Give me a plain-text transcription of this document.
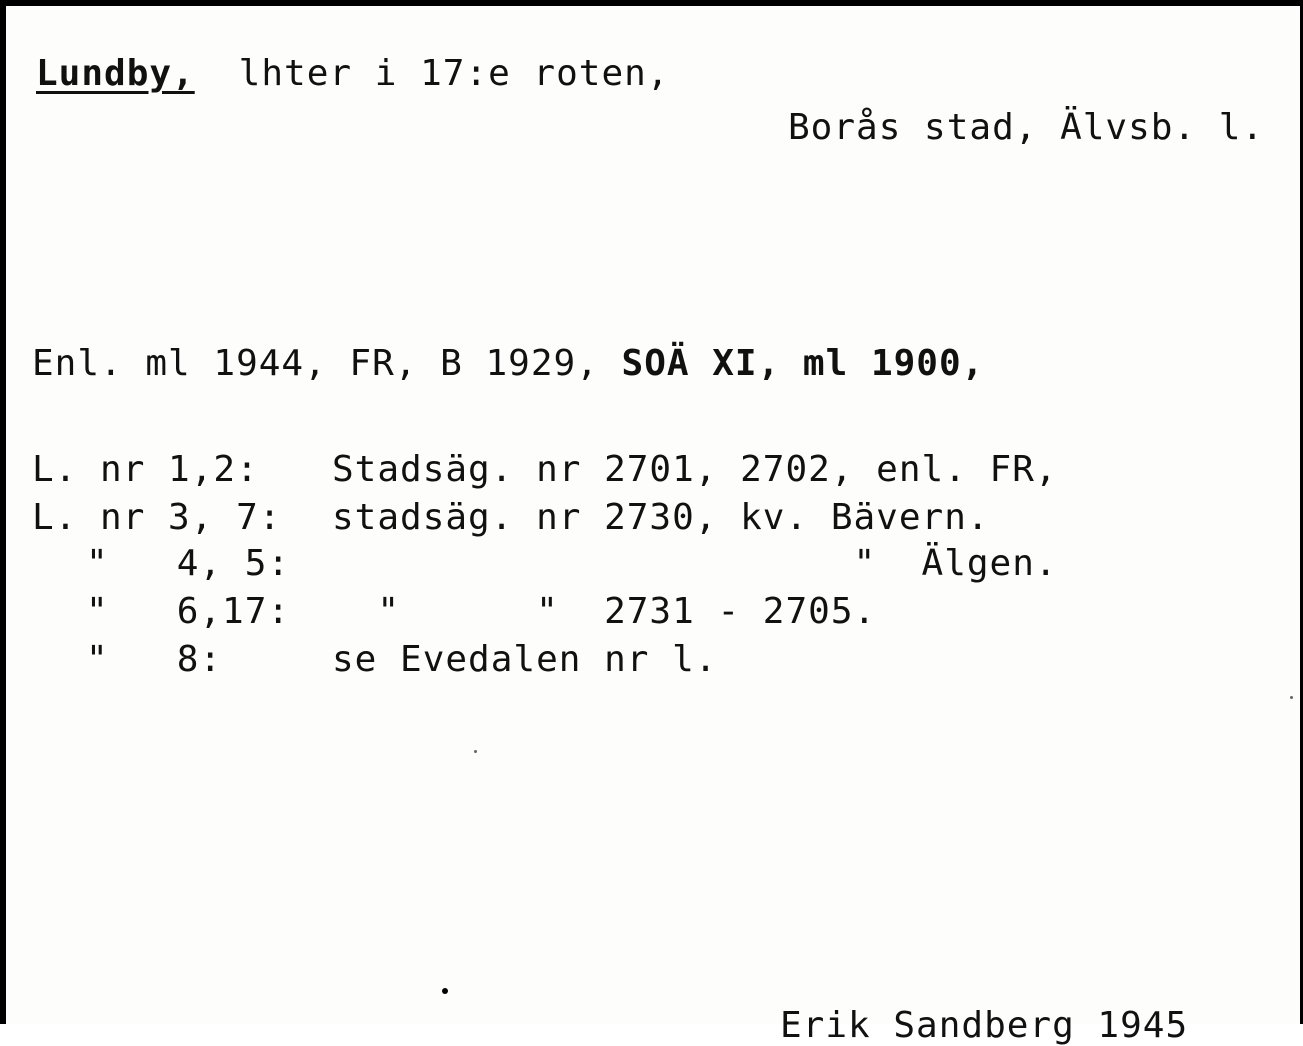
Lundby, lhter i 17:e roten,
Borås stad, Älvsb. l.
Enl. ml 1944, FR, B 1929, SOÄ XI, ml 1900,
L. nr 1,2: Stadsäg. nr 2701, 2702, enl. FR,
L. nr 3, 7: stadsäg. nr 2730, kv. Bävern.
"   4, 5: "  Älgen.
"   6,17: "      "  2731 - 2705.
"   8:	se Evedalen nr l.
Erik Sandberg 1945
